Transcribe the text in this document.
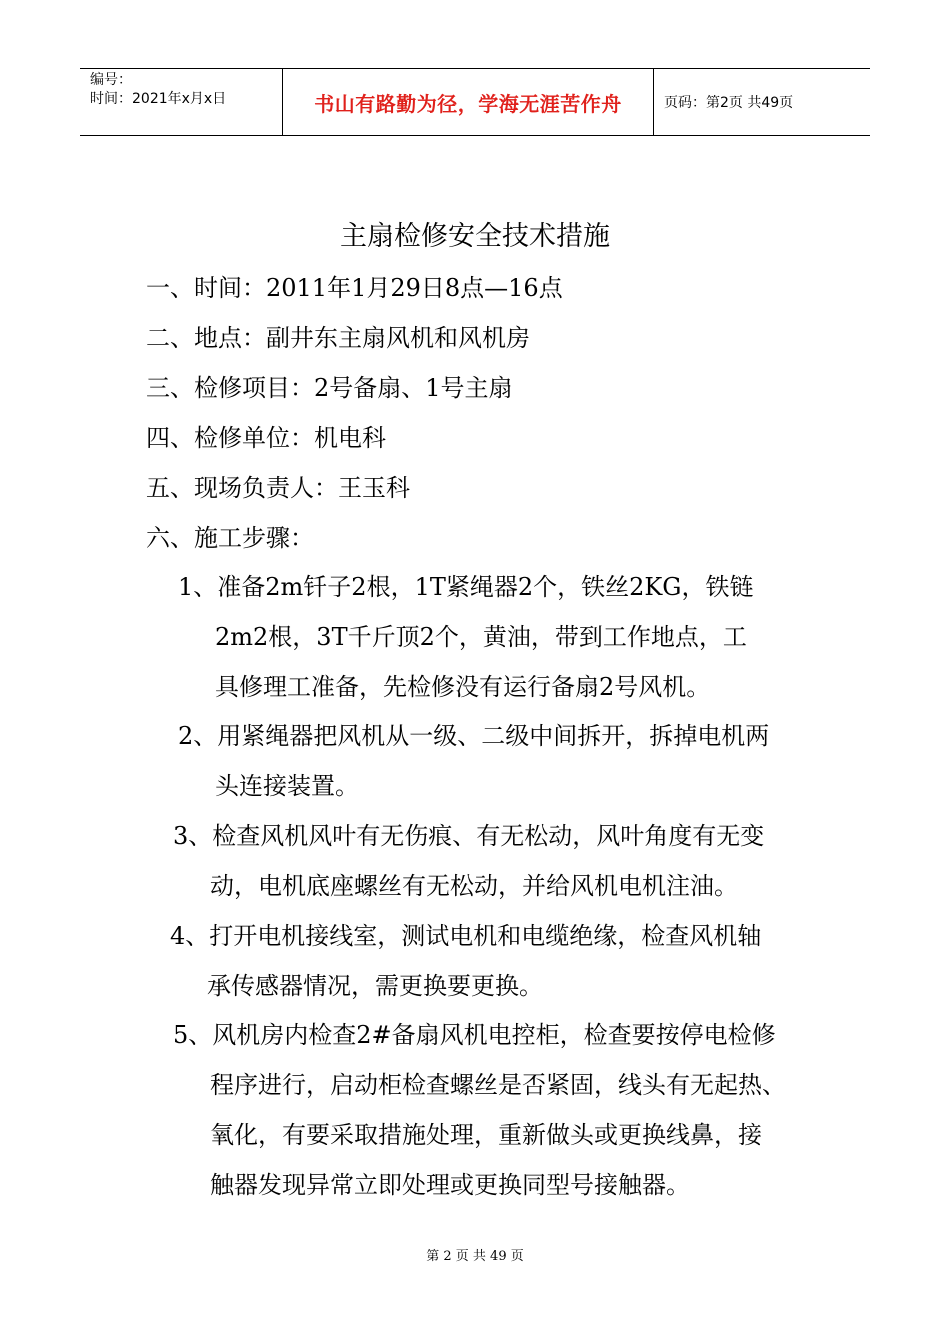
编号：
时间：2021年x月x日	书山有路勤为径，学海无涯苦作舟	页码：第2页 共49页
主扇检修安全技术措施
一、时间：2011年1月29日8点—16点
二、地点：副井东主扇风机和风机房
三、检修项目：2号备扇、1号主扇
四、检修单位：机电科
五、现场负责人：王玉科
六、施工步骤：
1、准备2m钎子2根，1T紧绳器2个，铁丝2KG，铁链
2m2根，3T千斤顶2个，黄油，带到工作地点，工
具修理工准备，先检修没有运行备扇2号风机。
2、用紧绳器把风机从一级、二级中间拆开，拆掉电机两
头连接装置。
3、检查风机风叶有无伤痕、有无松动，风叶角度有无变
动，电机底座螺丝有无松动，并给风机电机注油。
4、打开电机接线室，测试电机和电缆绝缘，检查风机轴
承传感器情况，需更换要更换。
5、风机房内检查2#备扇风机电控柜，检查要按停电检修
程序进行，启动柜检查螺丝是否紧固，线头有无起热、
氧化，有要采取措施处理，重新做头或更换线鼻，接
触器发现异常立即处理或更换同型号接触器。
第 2 页 共 49 页
